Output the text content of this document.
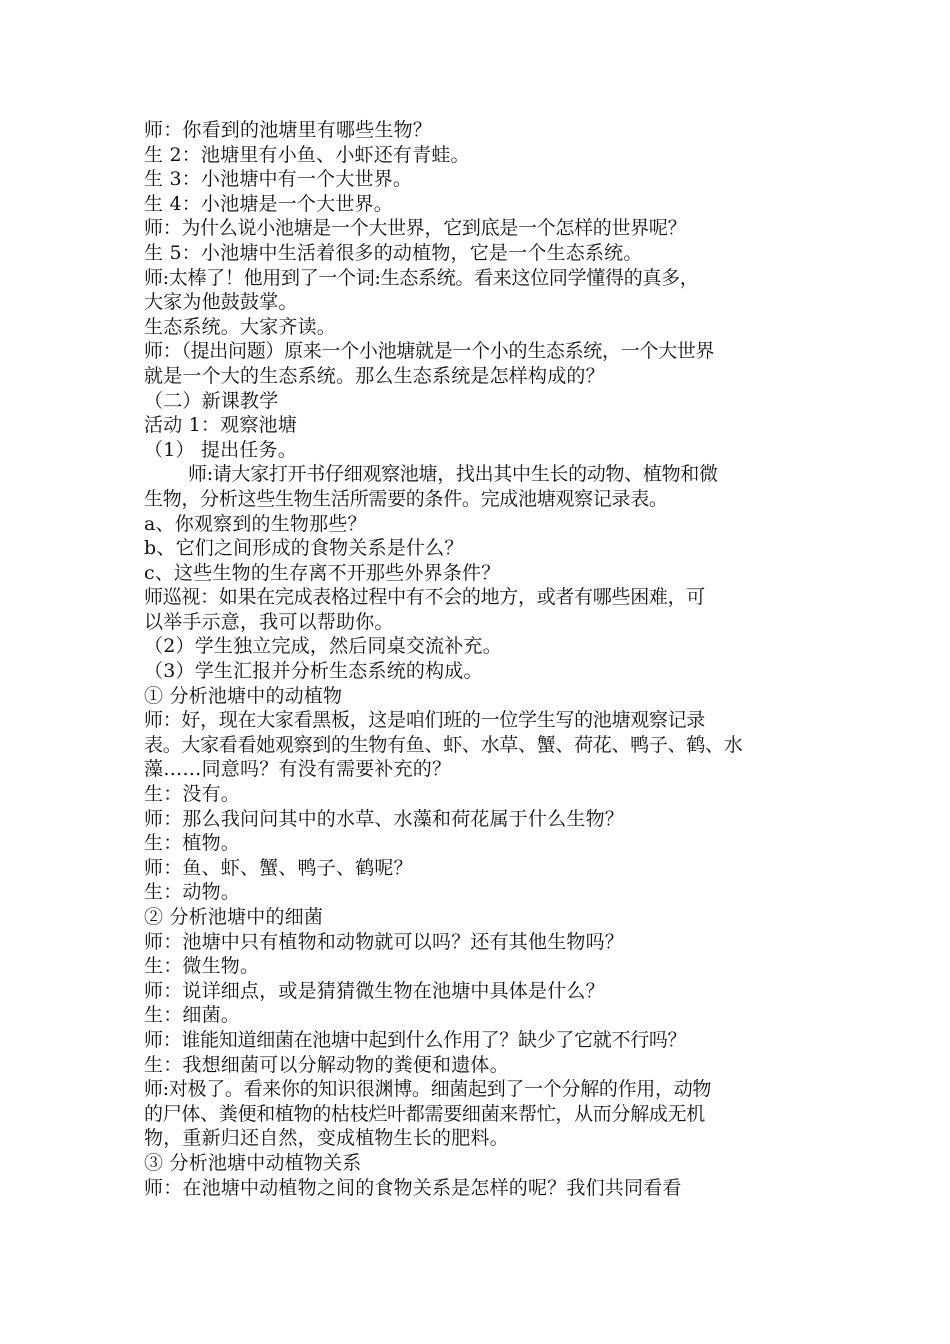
师：你看到的池塘里有哪些生物？
生 2：池塘里有小鱼、小虾还有青蛙。
生 3：小池塘中有一个大世界。
生 4：小池塘是一个大世界。
师：为什么说小池塘是一个大世界，它到底是一个怎样的世界呢？
生 5：小池塘中生活着很多的动植物，它是一个生态系统。
师:太棒了！他用到了一个词:生态系统。看来这位同学懂得的真多，
大家为他鼓鼓掌。
生态系统。大家齐读。
师：（提出问题）原来一个小池塘就是一个小的生态系统，一个大世界
就是一个大的生态系统。那么生态系统是怎样构成的？
（二）新课教学
活动 1：观察池塘
（1） 提出任务。
师:请大家打开书仔细观察池塘，找出其中生长的动物、植物和微
生物，分析这些生物生活所需要的条件。完成池塘观察记录表。
a、你观察到的生物那些？
b、它们之间形成的食物关系是什么？
c、这些生物的生存离不开那些外界条件？
师巡视：如果在完成表格过程中有不会的地方，或者有哪些困难，可
以举手示意，我可以帮助你。
（2）学生独立完成，然后同桌交流补充。
（3）学生汇报并分析生态系统的构成。
① 分析池塘中的动植物
师：好，现在大家看黑板，这是咱们班的一位学生写的池塘观察记录
表。大家看看她观察到的生物有鱼、虾、水草、蟹、荷花、鸭子、鹤、水
藻……同意吗？有没有需要补充的？
生：没有。
师：那么我问问其中的水草、水藻和荷花属于什么生物？
生：植物。
师：鱼、虾、蟹、鸭子、鹤呢？
生：动物。
② 分析池塘中的细菌
师：池塘中只有植物和动物就可以吗？还有其他生物吗？
生：微生物。
师：说详细点，或是猜猜微生物在池塘中具体是什么？
生：细菌。
师：谁能知道细菌在池塘中起到什么作用了？缺少了它就不行吗？
生：我想细菌可以分解动物的粪便和遗体。
师:对极了。看来你的知识很渊博。细菌起到了一个分解的作用，动物
的尸体、粪便和植物的枯枝烂叶都需要细菌来帮忙，从而分解成无机
物，重新归还自然，变成植物生长的肥料。
③ 分析池塘中动植物关系
师：在池塘中动植物之间的食物关系是怎样的呢？我们共同看看
